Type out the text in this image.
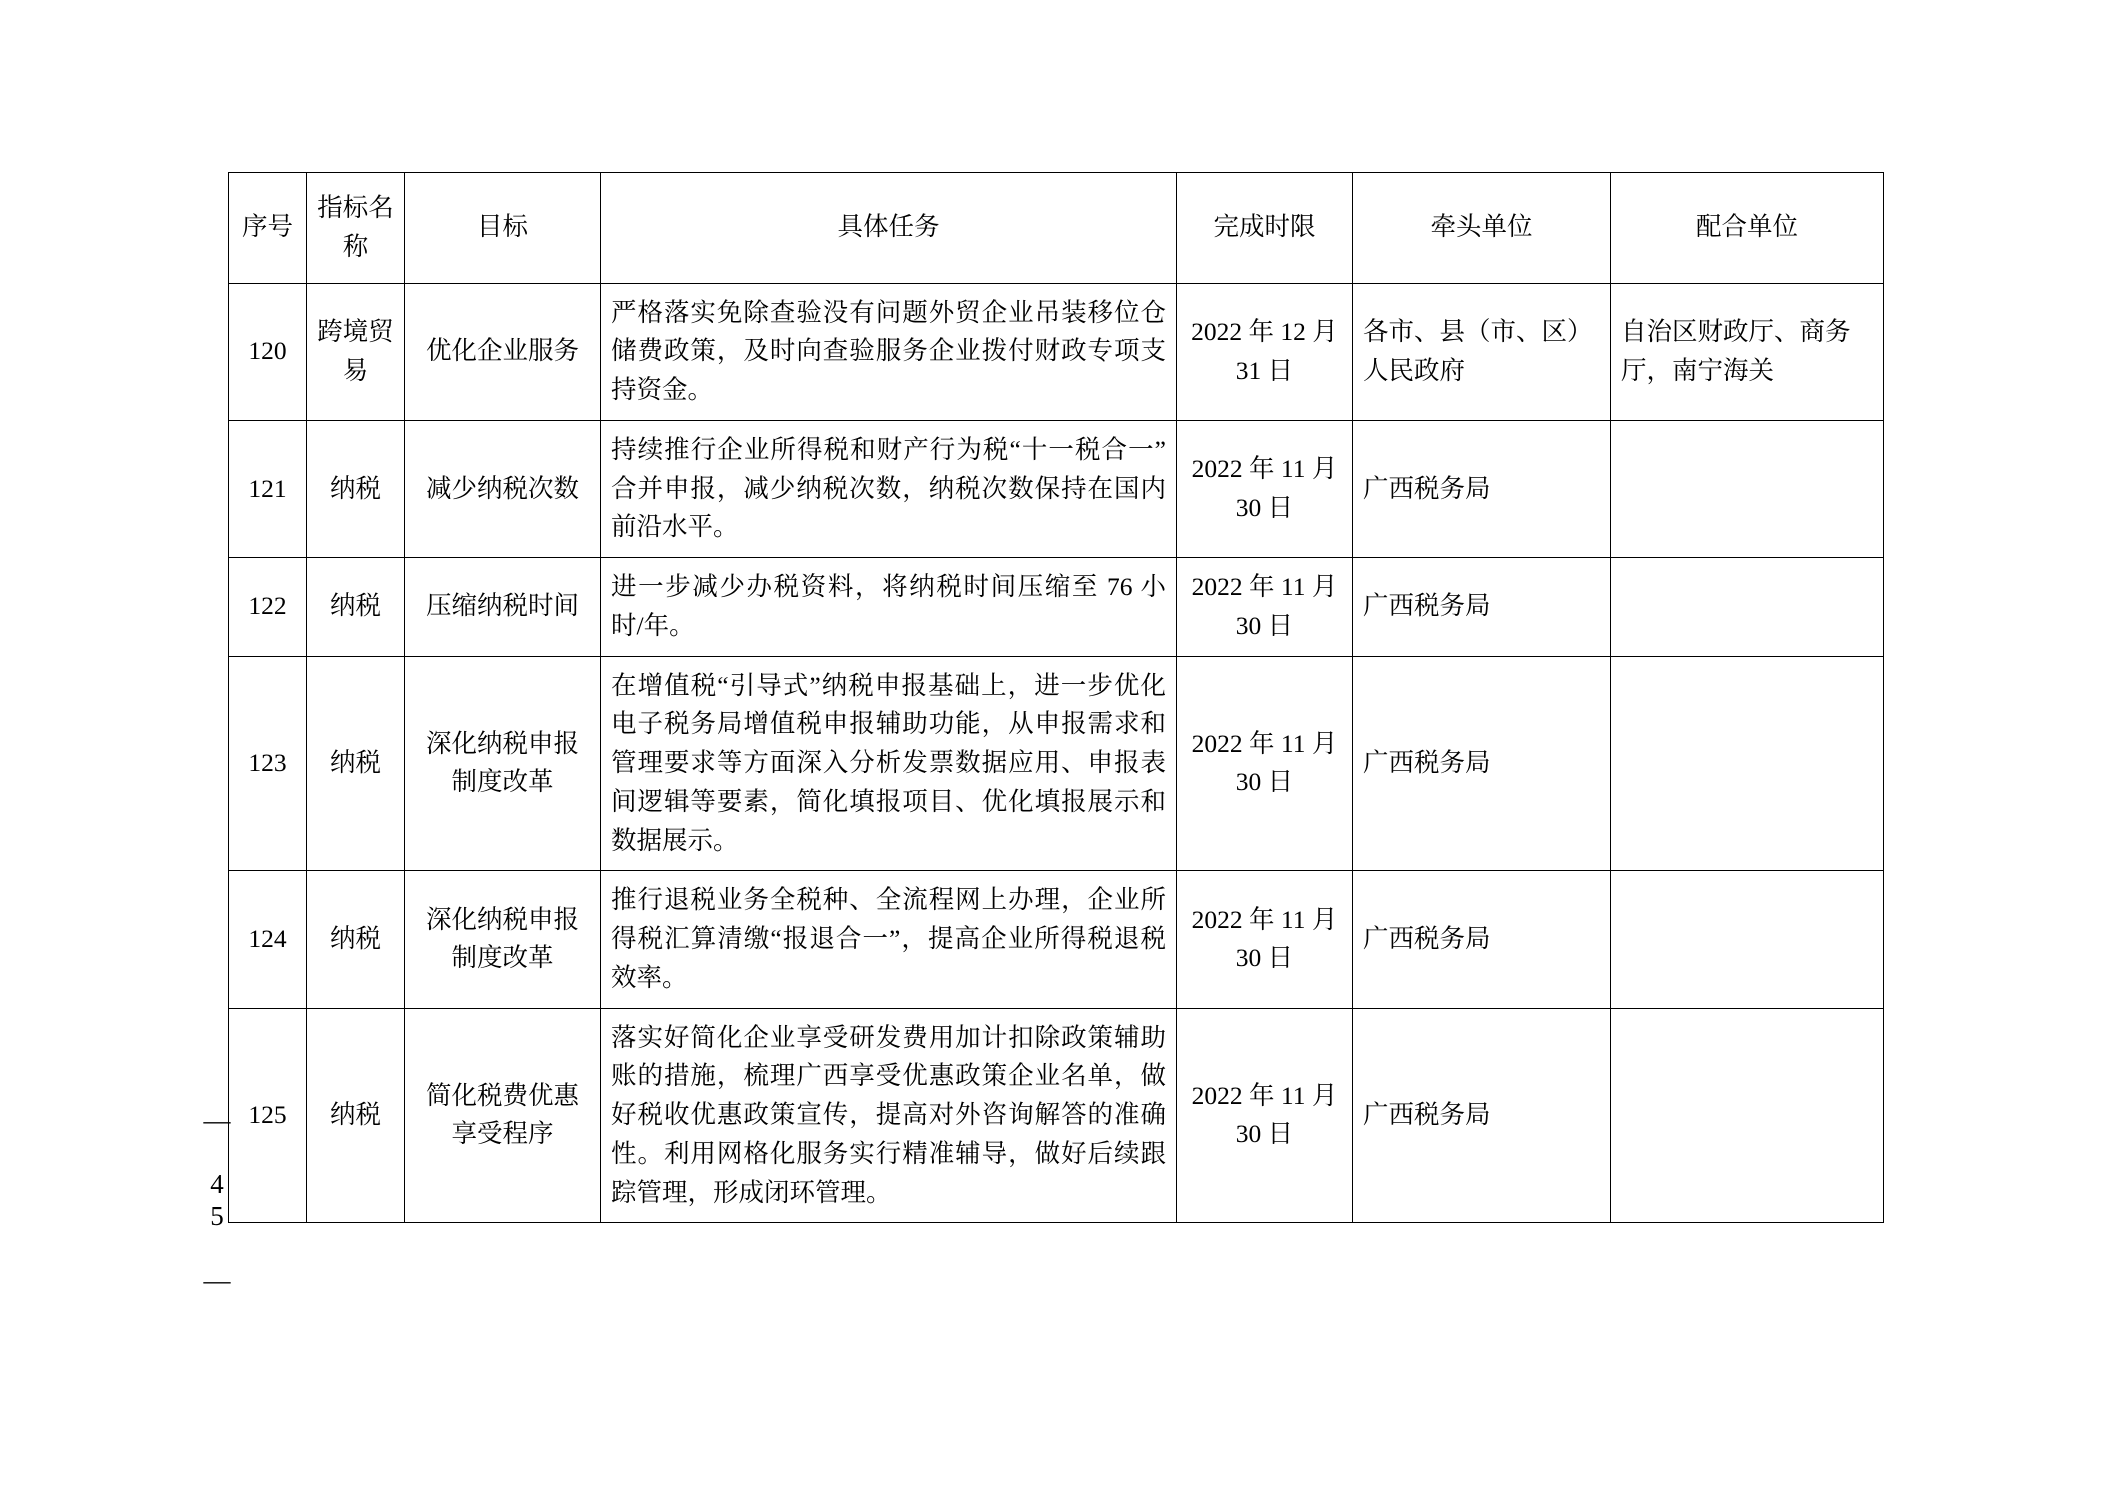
— 45 —
序号	指标名称	目标	具体任务	完成时限	牵头单位	配合单位
120	跨境贸易	优化企业服务	严格落实免除查验没有问题外贸企业吊装移位仓储费政策，及时向查验服务企业拨付财政专项支持资金。	2022 年 12 月 31 日	各市、县（市、区）人民政府	自治区财政厅、商务厅，南宁海关
121	纳税	减少纳税次数	持续推行企业所得税和财产行为税“十一税合一”合并申报，减少纳税次数，纳税次数保持在国内前沿水平。	2022 年 11 月 30 日	广西税务局	
122	纳税	压缩纳税时间	进一步减少办税资料，将纳税时间压缩至 76 小时/年。	2022 年 11 月 30 日	广西税务局	
123	纳税	深化纳税申报制度改革	在增值税“引导式”纳税申报基础上，进一步优化电子税务局增值税申报辅助功能，从申报需求和管理要求等方面深入分析发票数据应用、申报表间逻辑等要素，简化填报项目、优化填报展示和数据展示。	2022 年 11 月 30 日	广西税务局	
124	纳税	深化纳税申报制度改革	推行退税业务全税种、全流程网上办理，企业所得税汇算清缴“报退合一”，提高企业所得税退税效率。	2022 年 11 月 30 日	广西税务局	
125	纳税	简化税费优惠享受程序	落实好简化企业享受研发费用加计扣除政策辅助账的措施，梳理广西享受优惠政策企业名单，做好税收优惠政策宣传，提高对外咨询解答的准确性。利用网格化服务实行精准辅导，做好后续跟踪管理，形成闭环管理。	2022 年 11 月 30 日	广西税务局	
